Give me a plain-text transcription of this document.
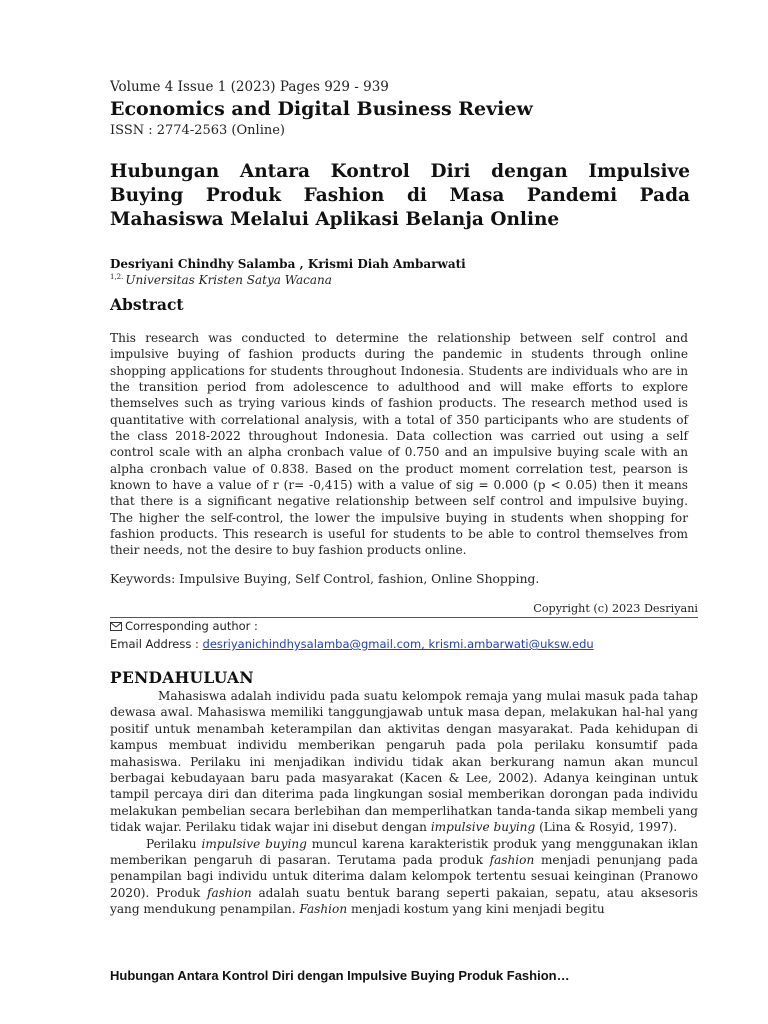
Volume 4 Issue 1 (2023) Pages 929 - 939
Economics and Digital Business Review
ISSN : 2774-2563 (Online)
Hubungan Antara Kontrol Diri dengan Impulsive Buying Produk Fashion di Masa Pandemi Pada Mahasiswa Melalui Aplikasi Belanja Online
Desriyani Chindhy Salamba , Krismi Diah Ambarwati
$^{1,2.}$ Universitas Kristen Satya Wacana
Abstract
This research was conducted to determine the relationship between self control and impulsive buying of fashion products during the pandemic in students through online shopping applications for students throughout Indonesia. Students are individuals who are in the transition period from adolescence to adulthood and will make efforts to explore themselves such as trying various kinds of fashion products. The research method used is quantitative with correlational analysis, with a total of 350 participants who are students of the class 2018-2022 throughout Indonesia. Data collection was carried out using a self control scale with an alpha cronbach value of 0.750 and an impulsive buying scale with an alpha cronbach value of 0.838. Based on the product moment correlation test, pearson is known to have a value of r (r= -0,415) with a value of sig = 0.000 (p < 0.05) then it means that there is a significant negative relationship between self control and impulsive buying. The higher the self-control, the lower the impulsive buying in students when shopping for fashion products. This research is useful for students to be able to control themselves from their needs, not the desire to buy fashion products online.
Keywords: Impulsive Buying, Self Control, fashion, Online Shopping.
Copyright (c) 2023 Desriyani
Corresponding author :
Email Address : desriyanichindhysalamba@gmail.com, krismi.ambarwati@uksw.edu
PENDAHULUAN

Mahasiswa adalah individu pada suatu kelompok remaja yang mulai masuk pada tahap dewasa awal. Mahasiswa memiliki tanggungjawab untuk masa depan, melakukan hal-hal yang positif untuk menambah keterampilan dan aktivitas dengan masyarakat. Pada kehidupan di kampus membuat individu memberikan pengaruh pada pola perilaku konsumtif pada mahasiswa. Perilaku ini menjadikan individu tidak akan berkurang namun akan muncul berbagai kebudayaan baru pada masyarakat (Kacen & Lee, 2002). Adanya keinginan untuk tampil percaya diri dan diterima pada lingkungan sosial memberikan dorongan pada individu melakukan pembelian secara berlebihan dan memperlihatkan tanda-tanda sikap membeli yang tidak wajar. Perilaku tidak wajar ini disebut dengan impulsive buying (Lina & Rosyid, 1997).

Perilaku impulsive buying muncul karena karakteristik produk yang menggunakan iklan memberikan pengaruh di pasaran. Terutama pada produk fashion menjadi penunjang pada penampilan bagi individu untuk diterima dalam kelompok tertentu sesuai keinginan (Pranowo 2020). Produk fashion adalah suatu bentuk barang seperti pakaian, sepatu, atau aksesoris yang mendukung penampilan. Fashion menjadi kostum yang kini menjadi begitu

Hubungan Antara Kontrol Diri dengan Impulsive Buying Produk Fashion…
